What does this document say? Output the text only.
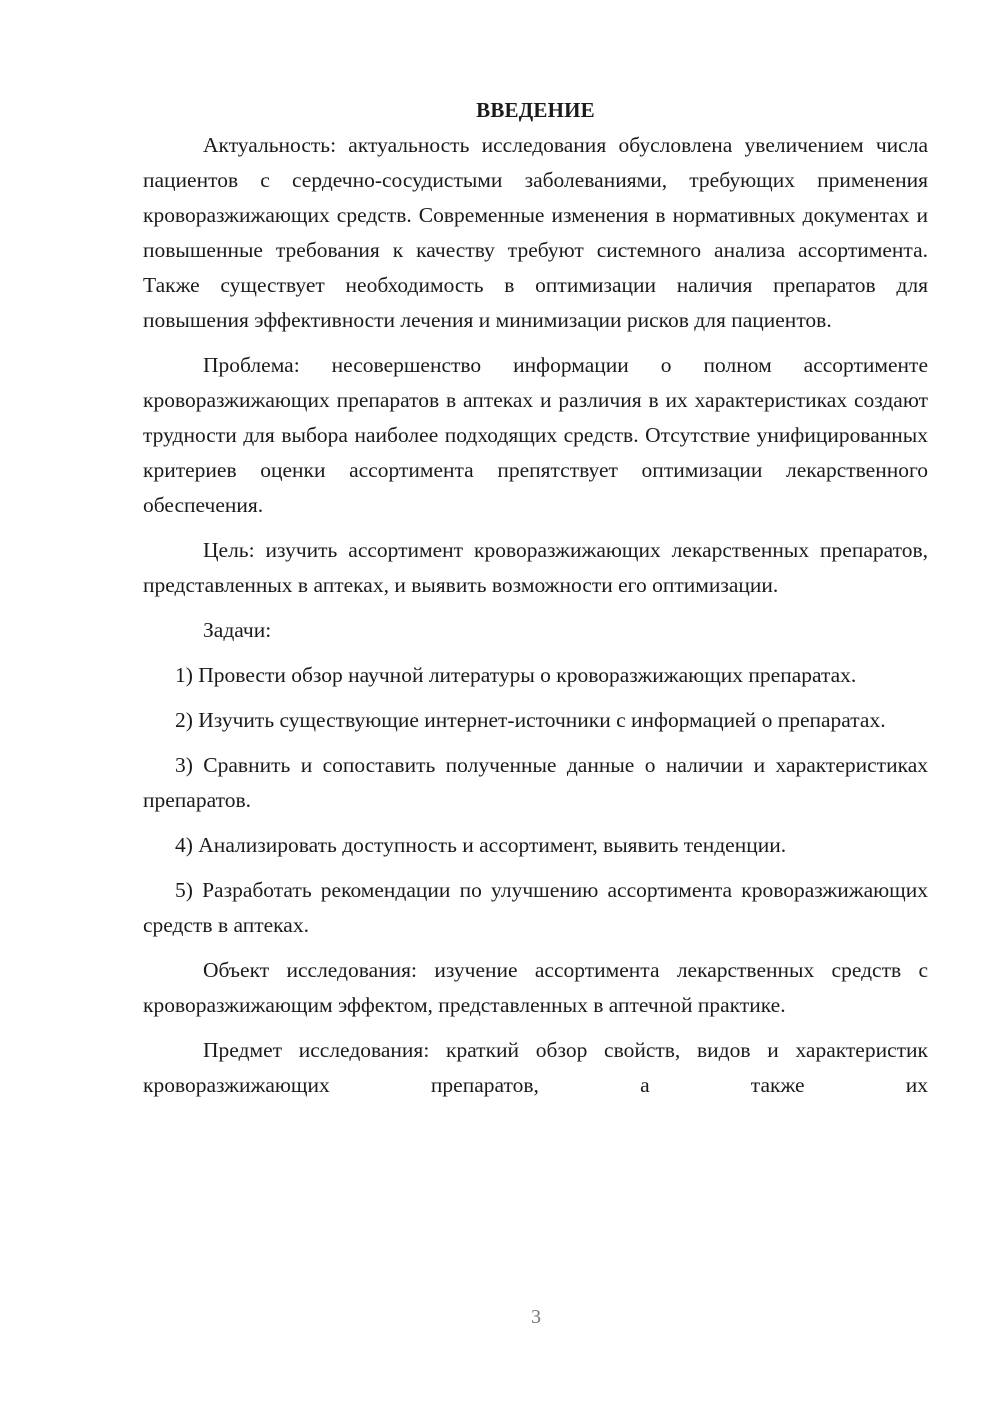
ВВЕДЕНИЕ

Актуальность: актуальность исследования обусловлена увеличением числа пациентов с сердечно-сосудистыми заболеваниями, требующих применения кроворазжижающих средств. Современные изменения в нормативных документах и повышенные требования к качеству требуют системного анализа ассортимента. Также существует необходимость в оптимизации наличия препаратов для повышения эффективности лечения и минимизации рисков для пациентов.

Проблема: несовершенство информации о полном ассортименте кроворазжижающих препаратов в аптеках и различия в их характеристиках создают трудности для выбора наиболее подходящих средств. Отсутствие унифицированных критериев оценки ассортимента препятствует оптимизации лекарственного обеспечения.

Цель: изучить ассортимент кроворазжижающих лекарственных препаратов, представленных в аптеках, и выявить возможности его оптимизации.

Задачи:

1) Провести обзор научной литературы о кроворазжижающих препаратах.

2) Изучить существующие интернет-источники с информацией о препаратах.

3) Сравнить и сопоставить полученные данные о наличии и характеристиках препаратов.

4) Анализировать доступность и ассортимент, выявить тенденции.

5) Разработать рекомендации по улучшению ассортимента кроворазжижающих средств в аптеках.

Объект исследования: изучение ассортимента лекарственных средств с кроворазжижающим эффектом, представленных в аптечной практике.

Предмет исследования: краткий обзор свойств, видов и характеристик кроворазжижающих препаратов, а также их

3
